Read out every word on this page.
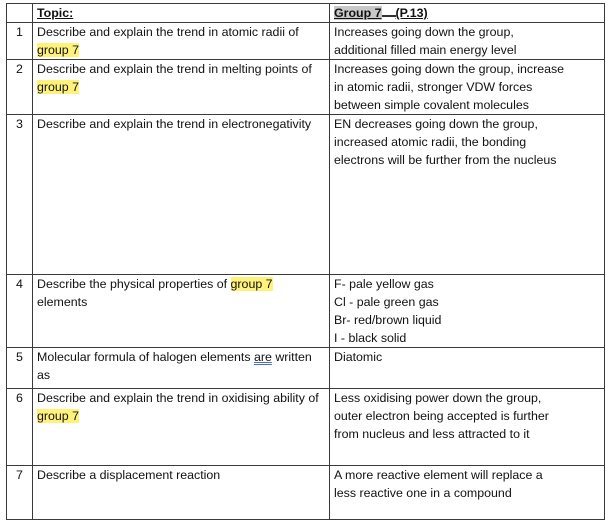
	Topic:	Group 7 (P.13)
1	Describe and explain the trend in atomic radii of group 7	Increases going down the group,
additional filled main energy level

2	Describe and explain the trend in melting points of group 7	Increases going down the group, increase
in atomic radii, stronger VDW forces
between simple covalent molecules

3	Describe and explain the trend in electronegativity	EN decreases going down the group,
increased atomic radii, the bonding
electrons will be further from the nucleus

4	Describe the physical properties of group 7 elements	F- pale yellow gas
Cl - pale green gas
Br- red/brown liquid
I - black solid

5	Molecular formula of halogen elements are written as	Diatomic

6	Describe and explain the trend in oxidising ability of group 7	Less oxidising power down the group,
outer electron being accepted is further
from nucleus and less attracted to it

7	Describe a displacement reaction	A more reactive element will replace a
less reactive one in a compound
